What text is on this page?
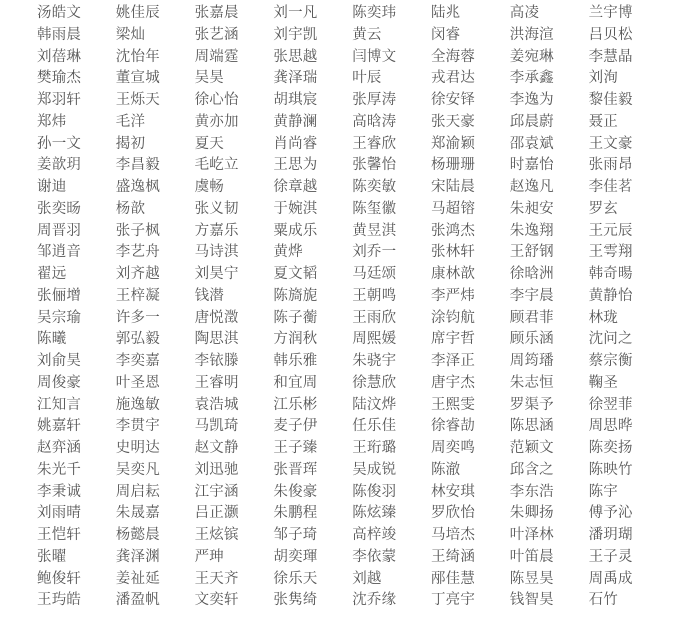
汤皓文	姚佳辰	张嘉晨	刘一凡	陈奕玮	陆兆	高凌	兰宇博
韩雨晨	梁灿	张艺涵	刘宇凯	黄云	闵睿	洪海渲	吕贝松
刘蓓琳	沈怡年	周端霆	张思越	闫博文	全海蓉	姜宛琳	李慧晶
樊瑜杰	董宣城	吴昊	龚泽瑞	叶辰	戎君达	李承鑫	刘洵
郑羽轩	王烁天	徐心怡	胡琪宸	张厚涛	徐安铎	李逸为	黎佳毅
郑炜	毛洋	黄亦加	黄静澜	高晗涛	张天豪	邱晨蔚	聂正
孙一文	揭初	夏天	肖尚睿	王睿欣	郑渝颖	邵袁斌	王文豪
姜歆玥	李昌毅	毛屹立	王思为	张馨怡	杨珊珊	时嘉怡	张雨昂
谢迪	盛逸枫	虞畅	徐章越	陈奕敏	宋陆晨	赵逸凡	李佳茗
张奕旸	杨歆	张义韧	于婉淇	陈玺徽	马超镕	朱昶安	罗玄
周晋羽	张子枫	方嘉乐	粟成乐	黄昱淇	张鸿杰	朱逸翔	王元辰
邹逍音	李艺舟	马诗淇	黄烨	刘乔一	张林轩	王舒钢	王雩翔
翟远	刘齐越	刘昊宁	夏文韬	马廷颂	康林歆	徐晗洲	韩奇暘
张俪增	王梓凝	钱潜	陈旖旎	王朝鸣	李严炜	李宇晨	黄静怡
吴宗瑜	许多一	唐悦澂	陈子蘅	王雨欣	涂钧航	顾君菲	林珑
陈曦	郭弘毅	陶思淇	方润秋	周熙媛	席宇哲	顾乐涵	沈问之
刘俞昊	李奕嘉	李铱滕	韩乐雅	朱骁宇	李泽正	周筠璠	蔡宗衡
周俊豪	叶圣恩	王睿明	和宜周	徐慧欣	唐宇杰	朱志恒	鞠圣
江知言	施逸敏	袁浩城	江乐彬	陆汶烨	王熙雯	罗渠予	徐翌菲
姚嘉轩	李贯宇	马凯琦	麦子伊	任乐佳	徐睿劼	陈思涵	周思晔
赵弈涵	史明达	赵文静	王子臻	王珩璐	周奕鸣	范颖文	陈奕扬
朱光千	吴奕凡	刘迅驰	张晋珲	吴成锐	陈澈	邱含之	陈映竹
李秉诚	周启耘	江宇涵	朱俊豪	陈俊羽	林安琪	李东浩	陈宇
刘雨晴	朱晟嘉	吕正灏	朱鹏程	陈炫臻	罗欣怡	朱卿扬	傅予沁
王恺轩	杨懿晨	王炫镔	邹子琦	高梓竣	马培杰	叶泽林	潘玥瑚
张曜	龚泽渊	严珅	胡奕琿	李依蒙	王绮涵	叶笛晨	王子灵
鲍俊轩	姜祉延	王天齐	徐乐天	刘越	邴佳慧	陈昱昊	周禹成
王玙皓	潘盈帆	文奕轩	张隽绮	沈乔缘	丁亮宇	钱智昊	石竹
